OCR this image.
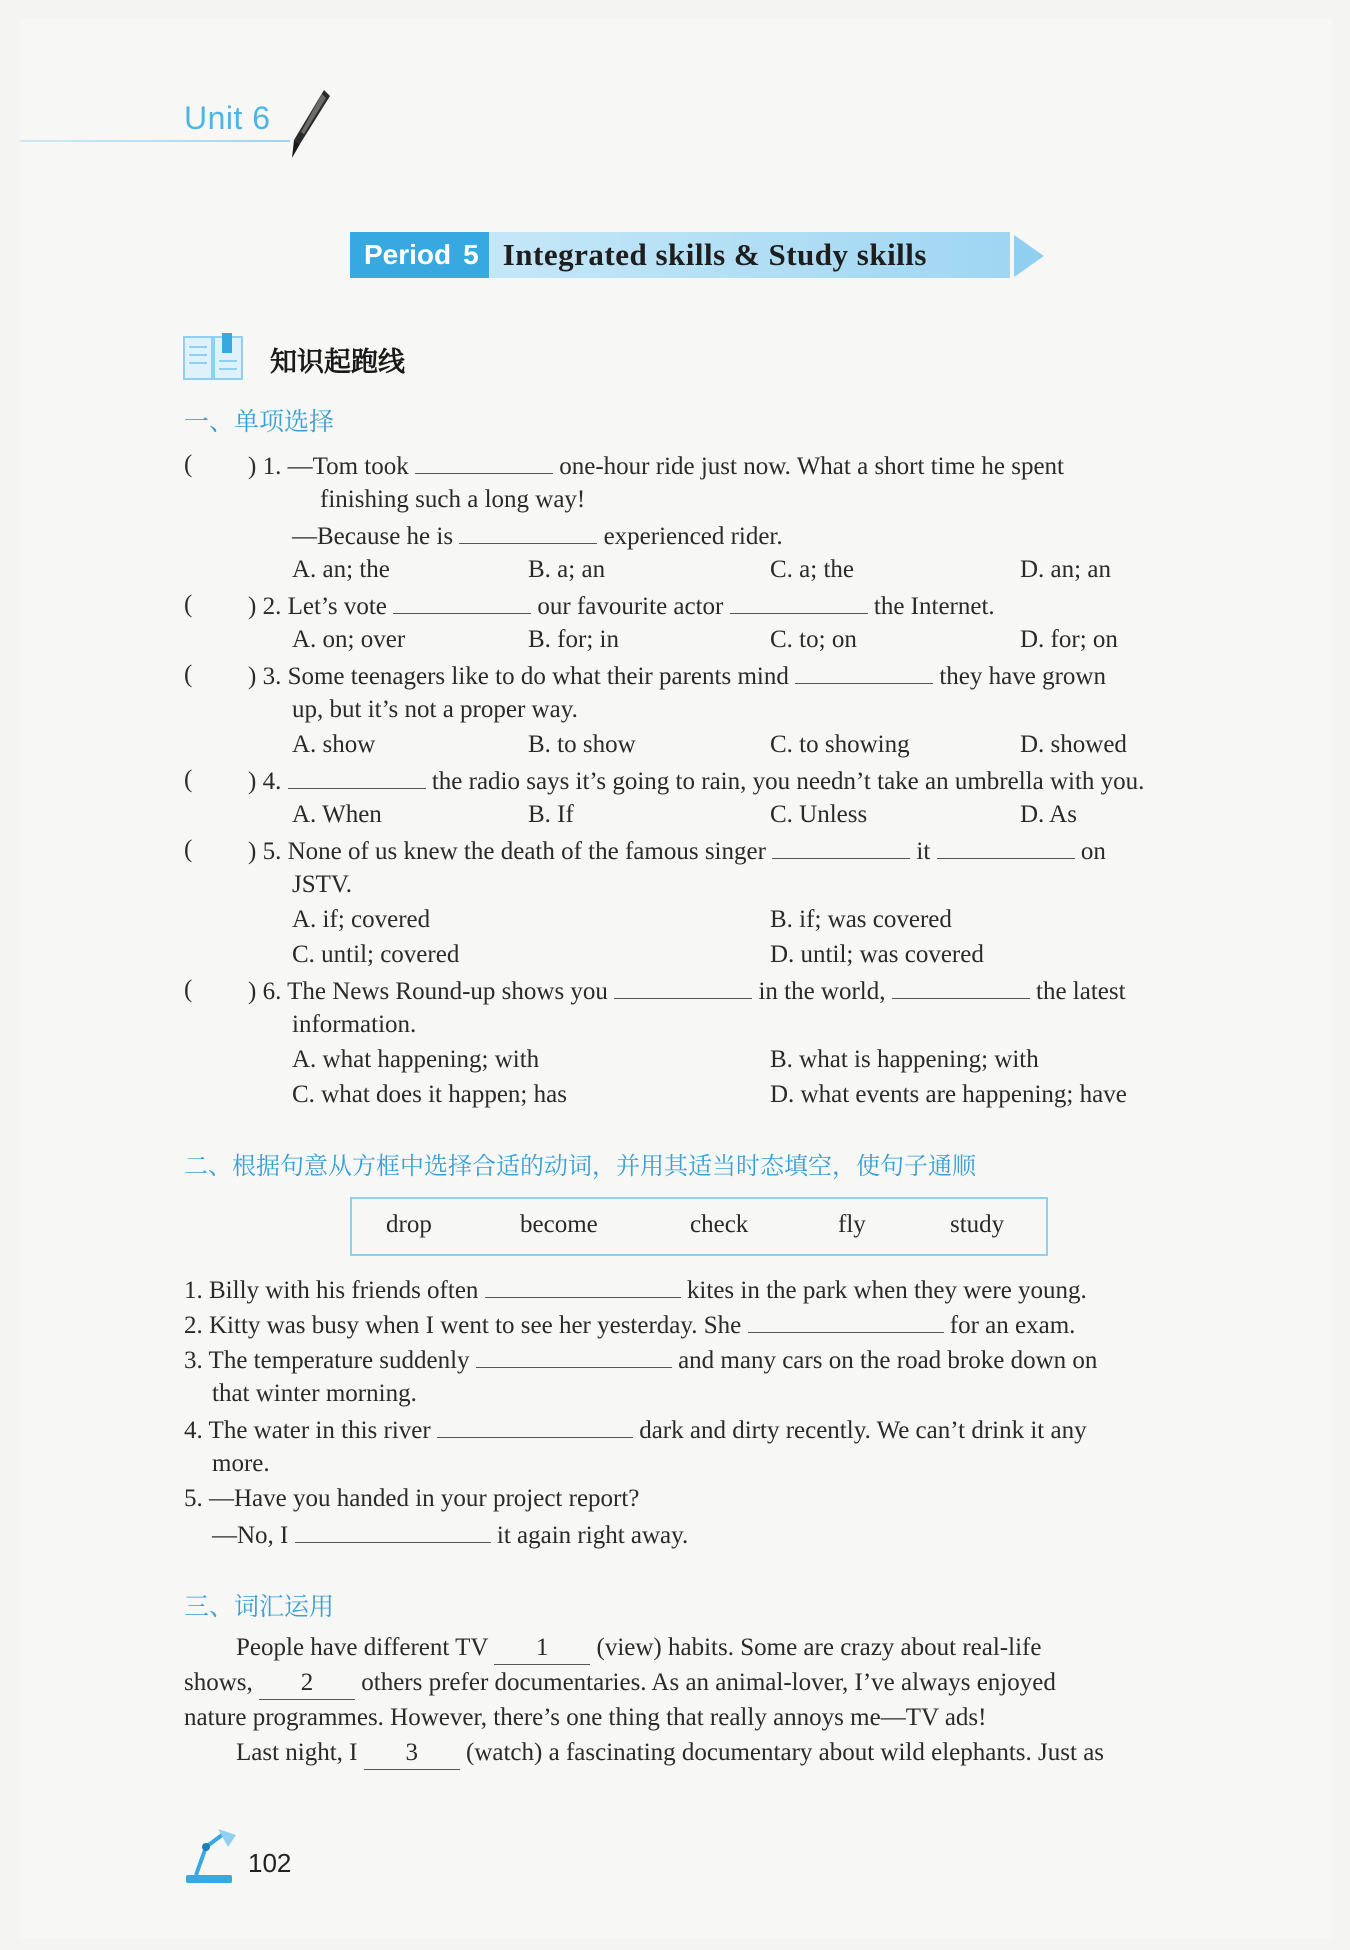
Unit 6
Period 5 Integrated skills & Study skills
知识起跑线
一、单项选择
( ) 1. —Tom took	one-hour ride just now. What a short time he spent
finishing such a long way!
—Because he is	experienced rider.
A. an; the	B. a; an	C. a; the	D. an; an
( ) 2. Let’s vote	our favourite actor	the Internet.
A. on; over	B. for; in	C. to; on	D. for; on
( ) 3. Some teenagers like to do what their parents mind	they have grown
up, but it’s not a proper way.
A. show	B. to show	C. to showing	D. showed
( ) 4.	the radio says it’s going to rain, you needn’t take an umbrella with you.
A. When	B. If	C. Unless	D. As
( ) 5. None of us knew the death of the famous singer	it	on
JSTV.
A. if; covered	B. if; was covered
C. until; covered	D. until; was covered
( ) 6. The News Round-up shows you	in the world,	the latest
information.
A. what happening; with	B. what is happening; with
C. what does it happen; has	D. what events are happening; have
二、根据句意从方框中选择合适的动词，并用其适当时态填空，使句子通顺
drop	become	check	fly	study
1. Billy with his friends often	kites in the park when they were young.
2. Kitty was busy when I went to see her yesterday. She	for an exam.
3. The temperature suddenly	and many cars on the road broke down on
that winter morning.
4. The water in this river	dark and dirty recently. We can’t drink it any
more.
5. —Have you handed in your project report?
—No, I	it again right away.
三、词汇运用
People have different TV 1 (view) habits. Some are crazy about real-life
shows, 2 others prefer documentaries. As an animal-lover, I’ve always enjoyed
nature programmes. However, there’s one thing that really annoys me—TV ads!
Last night, I 3 (watch) a fascinating documentary about wild elephants. Just as
102
